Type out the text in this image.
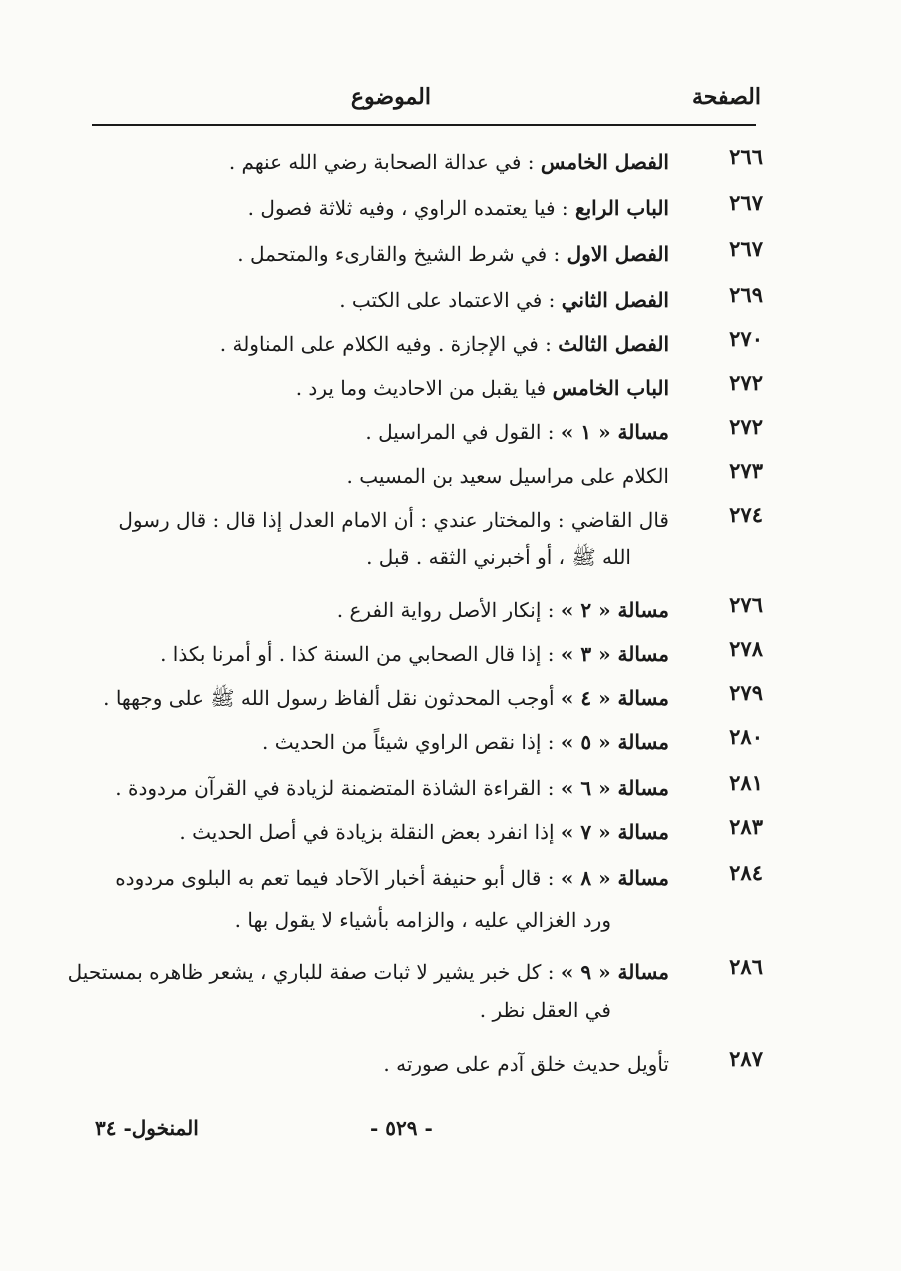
الصفحة
الموضوع
٢٦٦
الفصل الخامس : في عدالة الصحابة رضي الله عنهم .
٢٦٧
الباب الرابع : فيا يعتمده الراوي ، وفيه ثلاثة فصول .
٢٦٧
الفصل الاول : في شرط الشيخ والقارىء والمتحمل .
٢٦٩
الفصل الثاني : في الاعتماد على الكتب .
٢٧٠
الفصل الثالث : في الإجازة . وفيه الكلام على المناولة .
٢٧٢
الباب الخامس فيا يقبل من الاحاديث وما يرد .
٢٧٢
مسالة « ١ » : القول في المراسيل .
٢٧٣
الكلام على مراسيل سعيد بن المسيب .
٢٧٤
قال القاضي : والمختار عندي : أن الامام العدل إذا قال : قال رسول
٢٧٦
مسالة « ٢ » : إنكار الأصل رواية الفرع .
٢٧٨
مسالة « ٣ » : إذا قال الصحابي من السنة كذا . أو أمرنا بكذا .
٢٧٩
مسالة « ٤ » أوجب المحدثون نقل ألفاظ رسول الله ﷺ على وجهها .
٢٨٠
مسالة « ٥ » : إذا نقص الراوي شيئاً من الحديث .
٢٨١
مسالة « ٦ » : القراءة الشاذة المتضمنة لزيادة في القرآن مردودة .
٢٨٣
مسالة « ٧ » إذا انفرد بعض النقلة بزيادة في أصل الحديث .
٢٨٤
مسالة « ٨ » : قال أبو حنيفة أخبار الآحاد فيما تعم به البلوى مردوده
٢٨٦
مسالة « ٩ » : كل خبر يشير لا ثبات صفة للباري ، يشعر ظاهره بمستحيل
٢٨٧
تأويل حديث خلق آدم على صورته .
المنخول- ٣٤	- ٥٢٩ -
الله ﷺ ، أو أخبرني الثقه . قبل .
ورد الغزالي عليه ، والزامه بأشياء لا يقول بها .
في العقل نظر .
